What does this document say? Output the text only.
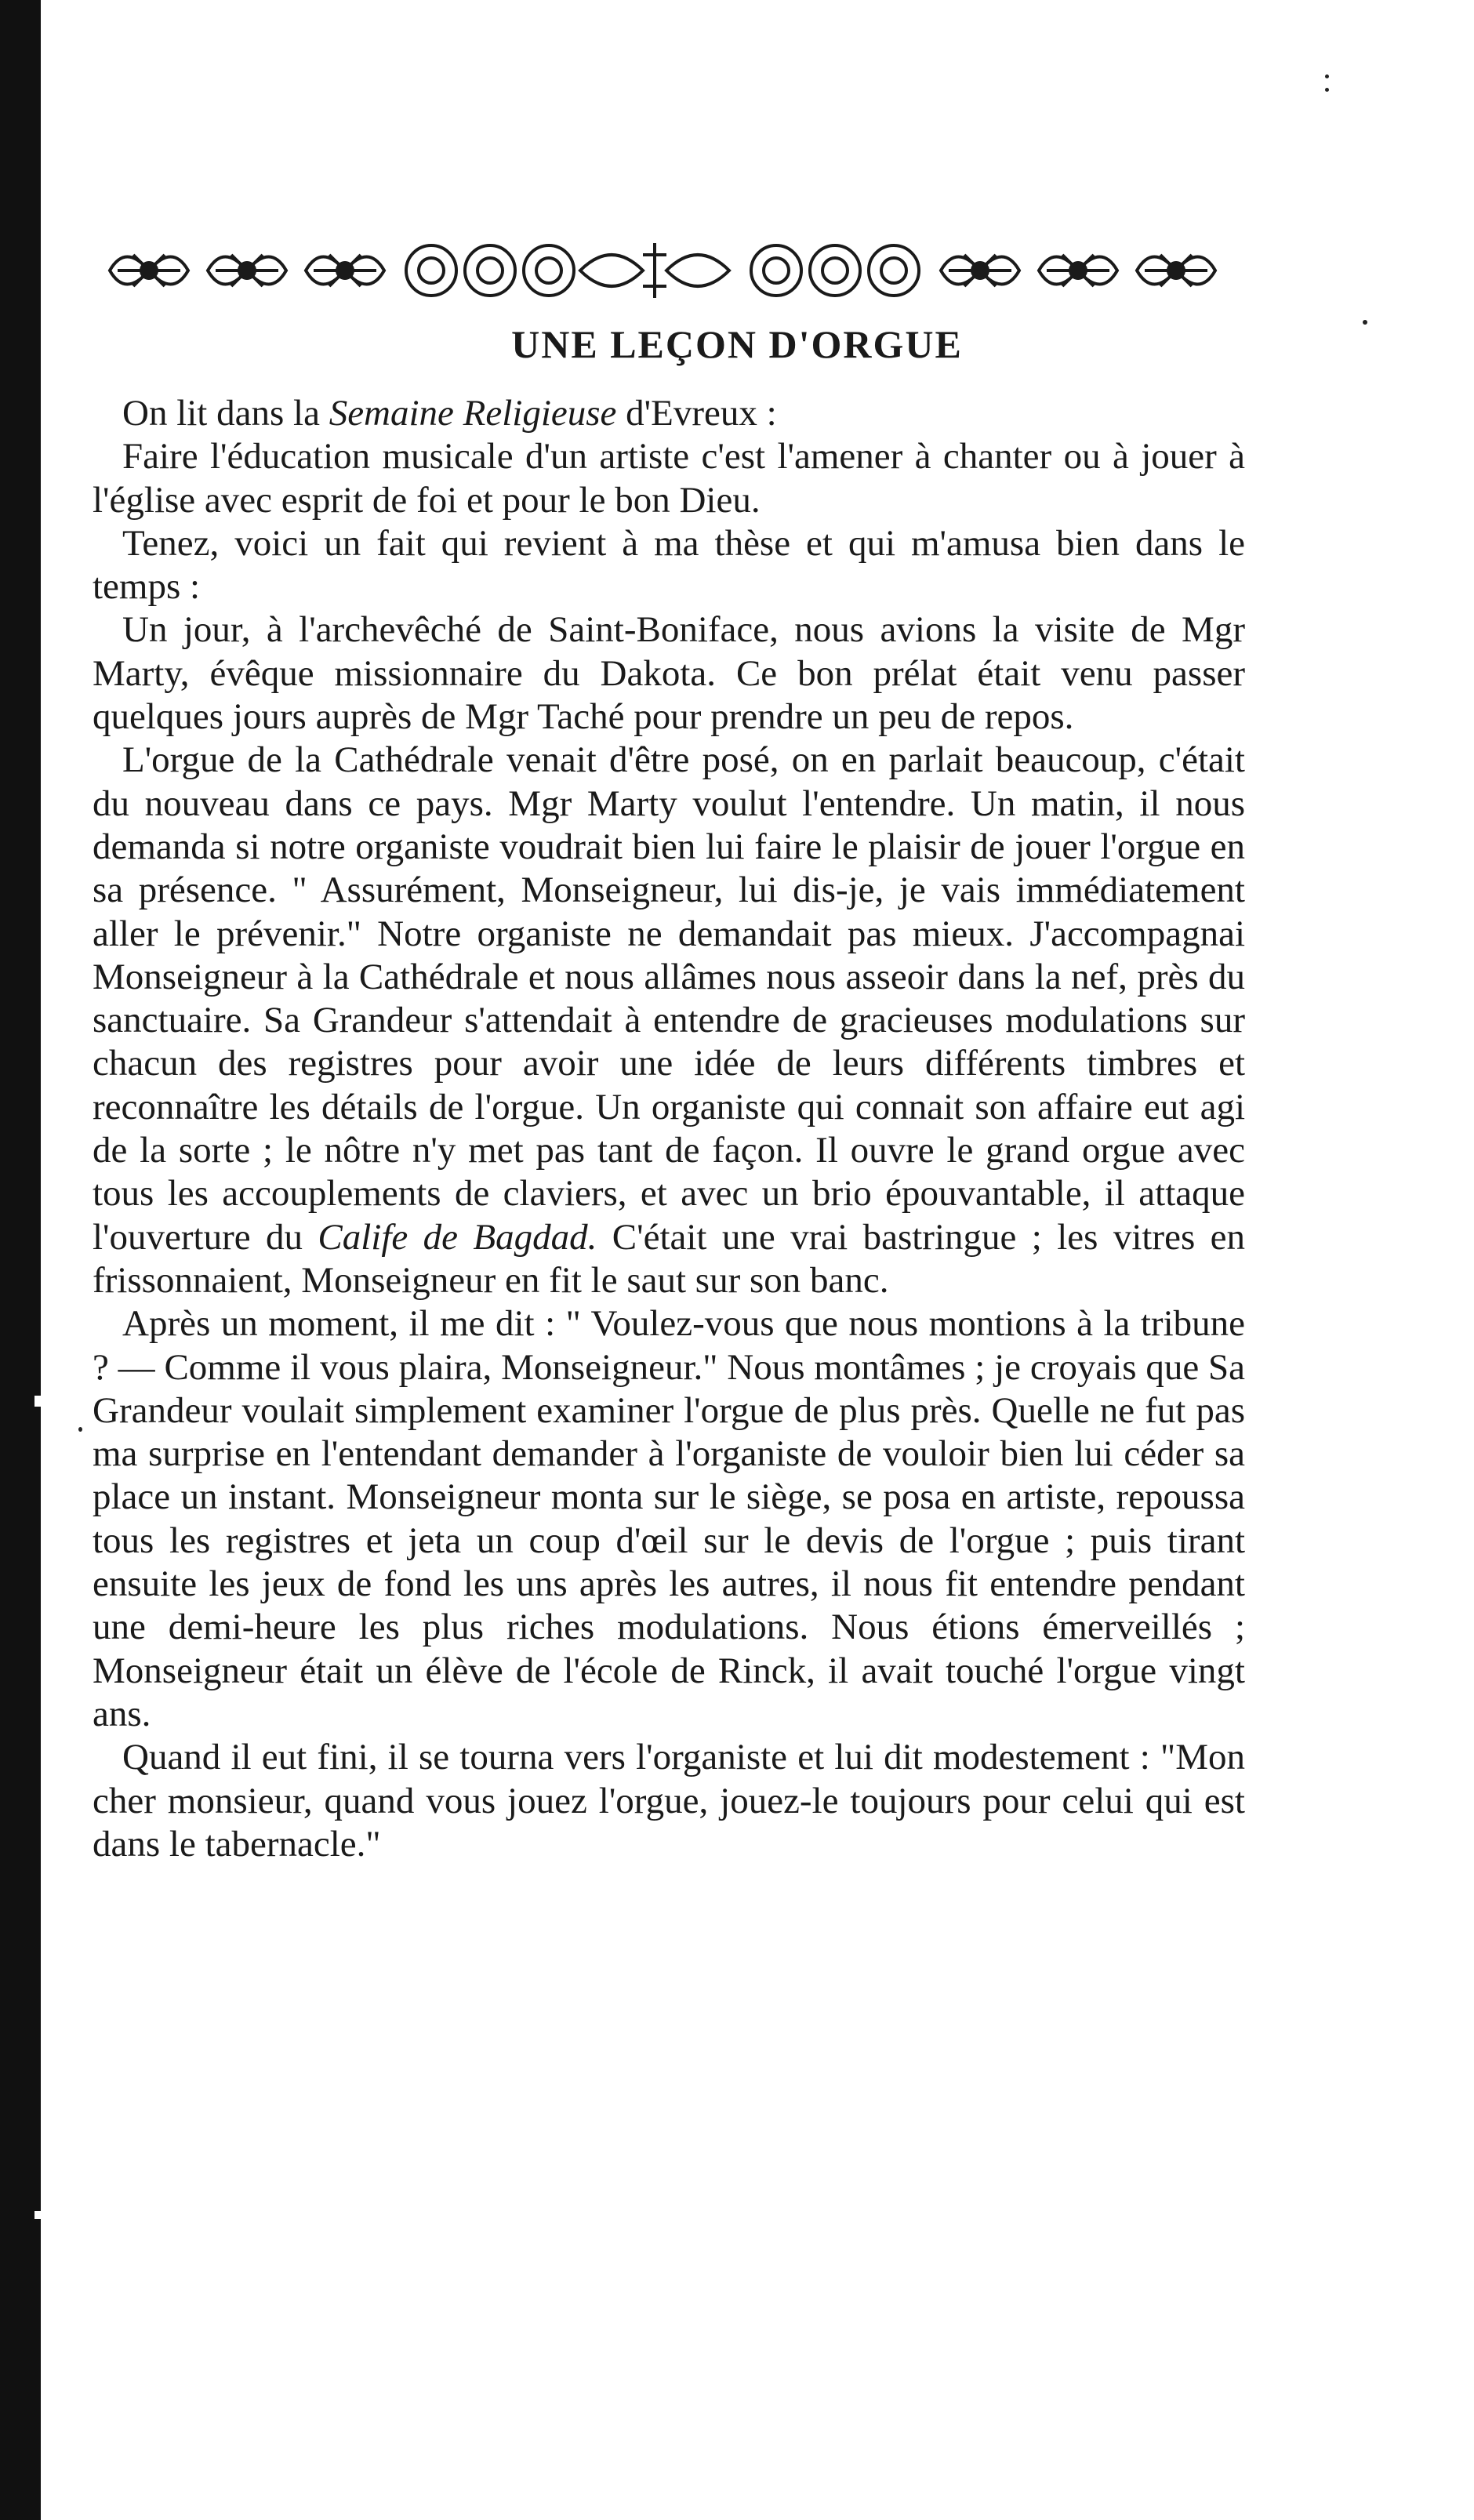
UNE LEÇON D'ORGUE

On lit dans la Semaine Religieuse d'Evreux :

Faire l'éducation musicale d'un artiste c'est l'amener à chanter ou à jouer à l'église avec esprit de foi et pour le bon Dieu.

Tenez, voici un fait qui revient à ma thèse et qui m'amusa bien dans le temps :

Un jour, à l'archevêché de Saint-Boniface, nous avions la visite de Mgr Marty, évêque missionnaire du Dakota. Ce bon prélat était venu passer quelques jours auprès de Mgr Taché pour prendre un peu de repos.

L'orgue de la Cathédrale venait d'être posé, on en parlait beaucoup, c'était du nouveau dans ce pays. Mgr Marty voulut l'entendre. Un matin, il nous demanda si notre organiste voudrait bien lui faire le plaisir de jouer l'orgue en sa présence. " Assurément, Monseigneur, lui dis-je, je vais immédiatement aller le prévenir." Notre organiste ne demandait pas mieux. J'accompagnai Monseigneur à la Cathédrale et nous allâmes nous asseoir dans la nef, près du sanctuaire. Sa Grandeur s'attendait à entendre de gracieuses modulations sur chacun des registres pour avoir une idée de leurs différents timbres et reconnaître les détails de l'orgue. Un organiste qui connait son affaire eut agi de la sorte ; le nôtre n'y met pas tant de façon. Il ouvre le grand orgue avec tous les accouplements de claviers, et avec un brio épouvantable, il attaque l'ouverture du Calife de Bagdad. C'était une vrai bastringue ; les vitres en frissonnaient, Monseigneur en fit le saut sur son banc.

Après un moment, il me dit : " Voulez-vous que nous montions à la tribune ? — Comme il vous plaira, Monseigneur." Nous montâmes ; je croyais que Sa Grandeur voulait simplement examiner l'orgue de plus près. Quelle ne fut pas ma surprise en l'entendant demander à l'organiste de vouloir bien lui céder sa place un instant. Monseigneur monta sur le siège, se posa en artiste, repoussa tous les registres et jeta un coup d'œil sur le devis de l'orgue ; puis tirant ensuite les jeux de fond les uns après les autres, il nous fit entendre pendant une demi-heure les plus riches modulations. Nous étions émerveillés ; Monseigneur était un élève de l'école de Rinck, il avait touché l'orgue vingt ans.

Quand il eut fini, il se tourna vers l'organiste et lui dit modestement : "Mon cher monsieur, quand vous jouez l'orgue, jouez-le toujours pour celui qui est dans le tabernacle."
